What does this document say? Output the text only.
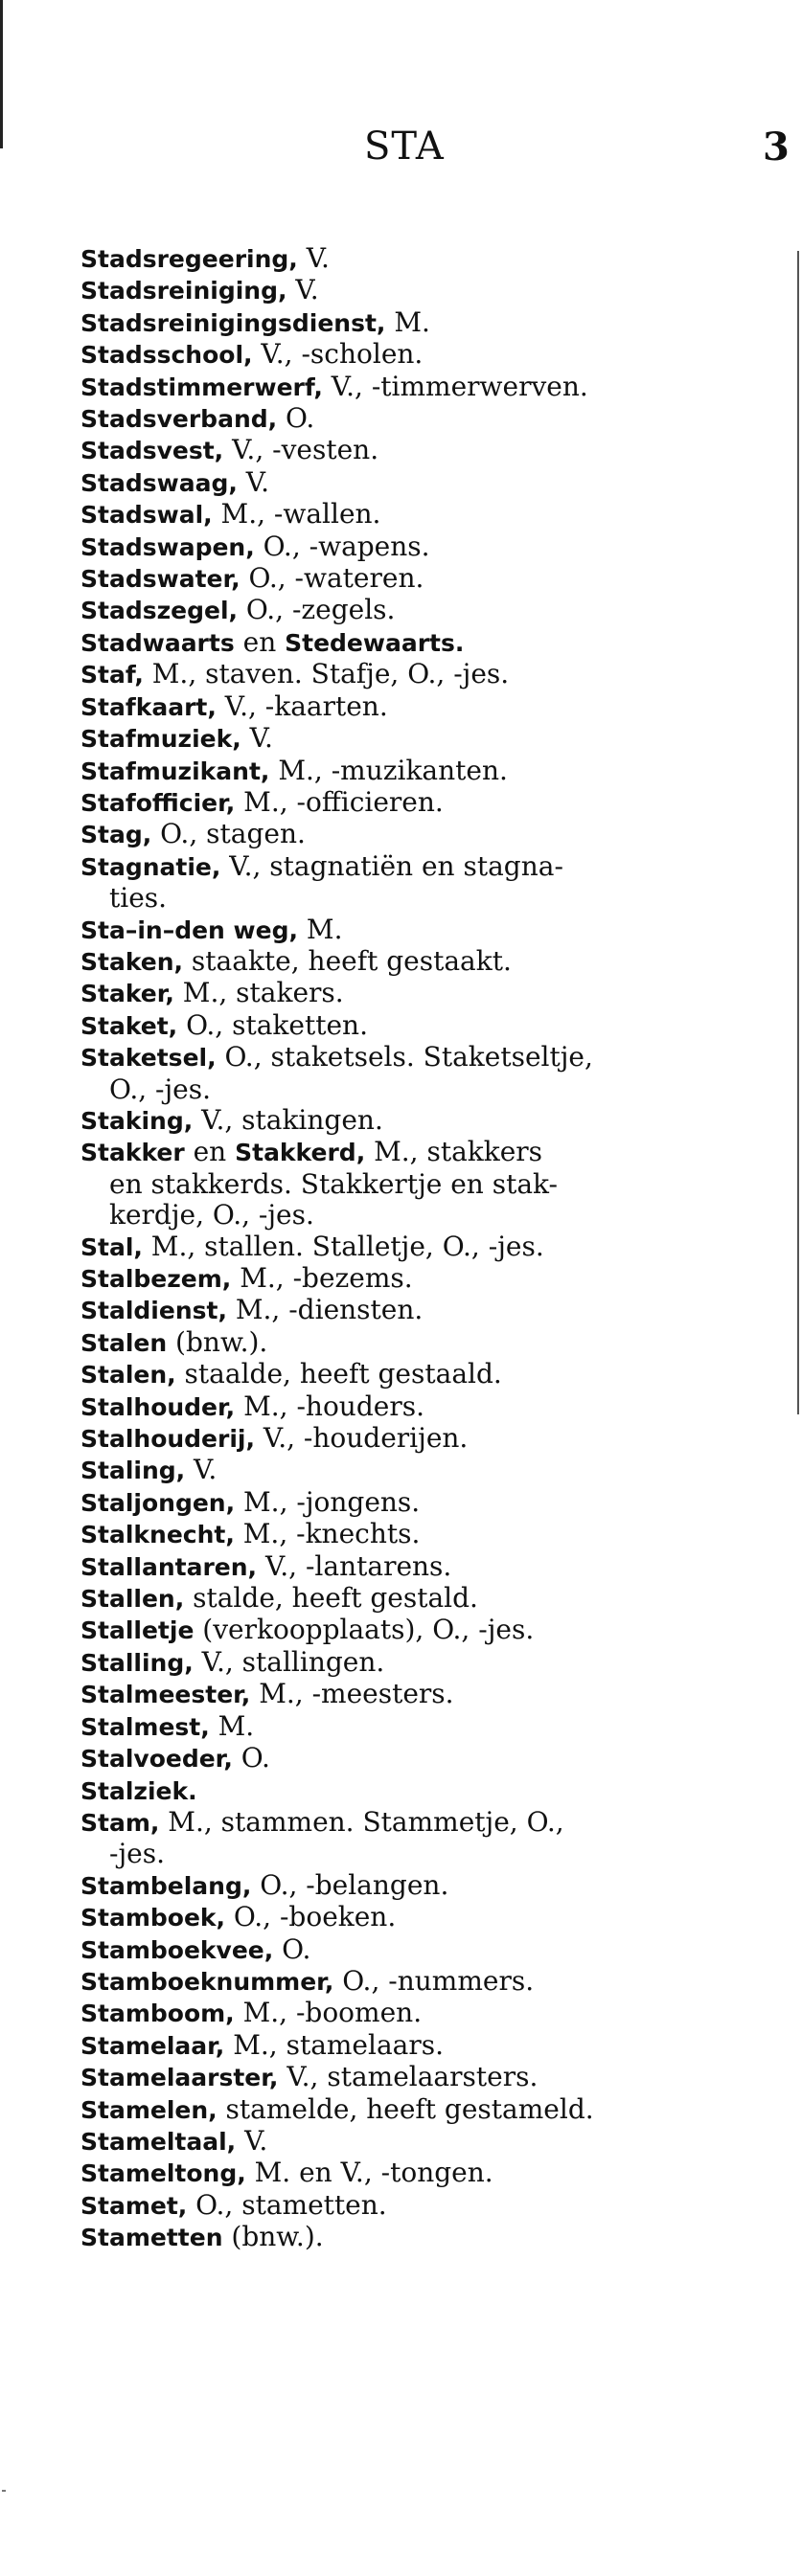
STA	3
Stadsregeering, V.
Stadsreiniging, V.
Stadsreinigingsdienst, M.
Stadsschool, V., -scholen.
Stadstimmerwerf, V., -timmerwerven.
Stadsverband, O.
Stadsvest, V., -vesten.
Stadswaag, V.
Stadswal, M., -wallen.
Stadswapen, O., -wapens.
Stadswater, O., -wateren.
Stadszegel, O., -zegels.
Stadwaarts en Stedewaarts.
Staf, M., staven. Stafje, O., -jes.
Stafkaart, V., -kaarten.
Stafmuziek, V.
Stafmuzikant, M., -muzikanten.
Stafofficier, M., -officieren.
Stag, O., stagen.
Stagnatie, V., stagnatiën en stagna-
ties.
Sta–in–den weg, M.
Staken, staakte, heeft gestaakt.
Staker, M., stakers.
Staket, O., staketten.
Staketsel, O., staketsels. Staketseltje,
O., -jes.
Staking, V., stakingen.
Stakker en Stakkerd, M., stakkers
en stakkerds. Stakkertje en stak-
kerdje, O., -jes.
Stal, M., stallen. Stalletje, O., -jes.
Stalbezem, M., -bezems.
Staldienst, M., -diensten.
Stalen (bnw.).
Stalen, staalde, heeft gestaald.
Stalhouder, M., -houders.
Stalhouderij, V., -houderijen.
Staling, V.
Staljongen, M., -jongens.
Stalknecht, M., -knechts.
Stallantaren, V., -lantarens.
Stallen, stalde, heeft gestald.
Stalletje (verkoopplaats), O., -jes.
Stalling, V., stallingen.
Stalmeester, M., -meesters.
Stalmest, M.
Stalvoeder, O.
Stalziek.
Stam, M., stammen. Stammetje, O.,
-jes.
Stambelang, O., -belangen.
Stamboek, O., -boeken.
Stamboekvee, O.
Stamboeknummer, O., -nummers.
Stamboom, M., -boomen.
Stamelaar, M., stamelaars.
Stamelaarster, V., stamelaarsters.
Stamelen, stamelde, heeft gestameld.
Stameltaal, V.
Stameltong, M. en V., -tongen.
Stamet, O., stametten.
Stametten (bnw.).
